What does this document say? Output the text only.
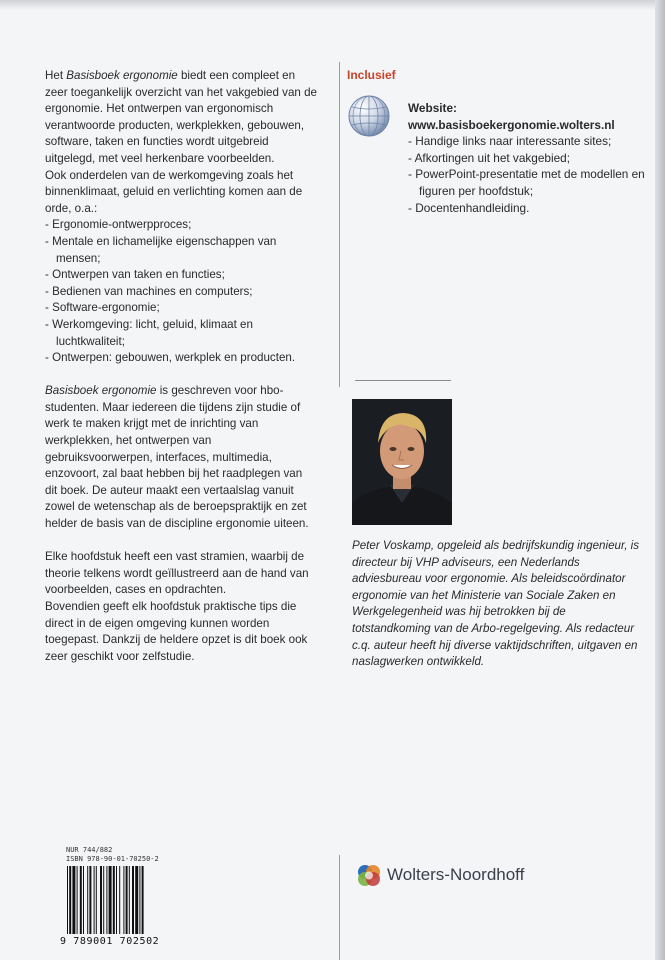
Het Basisboek ergonomie biedt een compleet en zeer toegankelijk overzicht van het vakgebied van de ergonomie. Het ontwerpen van ergonomisch verantwoorde producten, werkplekken, gebouwen, software, taken en functies wordt uitgebreid uitgelegd, met veel herkenbare voorbeelden.

Ook onderdelen van de werkomgeving zoals het binnenklimaat, geluid en verlichting komen aan de orde, o.a.:

- Ergonomie-ontwerpproces;
- Mentale en lichamelijke eigenschappen van mensen;
- Ontwerpen van taken en functies;
- Bedienen van machines en computers;
- Software-ergonomie;
- Werkomgeving: licht, geluid, klimaat en luchtkwaliteit;
- Ontwerpen: gebouwen, werkplek en producten.

Basisboek ergonomie is geschreven voor hbo-studenten. Maar iedereen die tijdens zijn studie of werk te maken krijgt met de inrichting van werkplekken, het ontwerpen van gebruiksvoorwerpen, interfaces, multimedia, enzovoort, zal baat hebben bij het raadplegen van dit boek. De auteur maakt een vertaalslag vanuit zowel de wetenschap als de beroepspraktijk en zet helder de basis van de discipline ergonomie uiteen.

Elke hoofdstuk heeft een vast stramien, waarbij de theorie telkens wordt geïllustreerd aan de hand van voorbeelden, cases en opdrachten.

Bovendien geeft elk hoofdstuk praktische tips die direct in de eigen omgeving kunnen worden toegepast. Dankzij de heldere opzet is dit boek ook zeer geschikt voor zelfstudie.

Inclusief
Website:
www.basisboekergonomie.wolters.nl
- Handige links naar interessante sites;
- Afkortingen uit het vakgebied;
- PowerPoint-presentatie met de modellen en figuren per hoofdstuk;
- Docentenhandleiding.
Peter Voskamp, opgeleid als bedrijfskundig ingenieur, is directeur bij VHP adviseurs, een Nederlands adviesbureau voor ergonomie. Als beleidscoördinator ergonomie van het Ministerie van Sociale Zaken en Werkgelegenheid was hij betrokken bij de totstandkoming van de Arbo-regelgeving. Als redacteur c.q. auteur heeft hij diverse vaktijdschriften, uitgaven en naslagwerken ontwikkeld.
NUR 744/882
ISBN 978-90-01-70250-2
9 789001 702502
Wolters-Noordhoff
